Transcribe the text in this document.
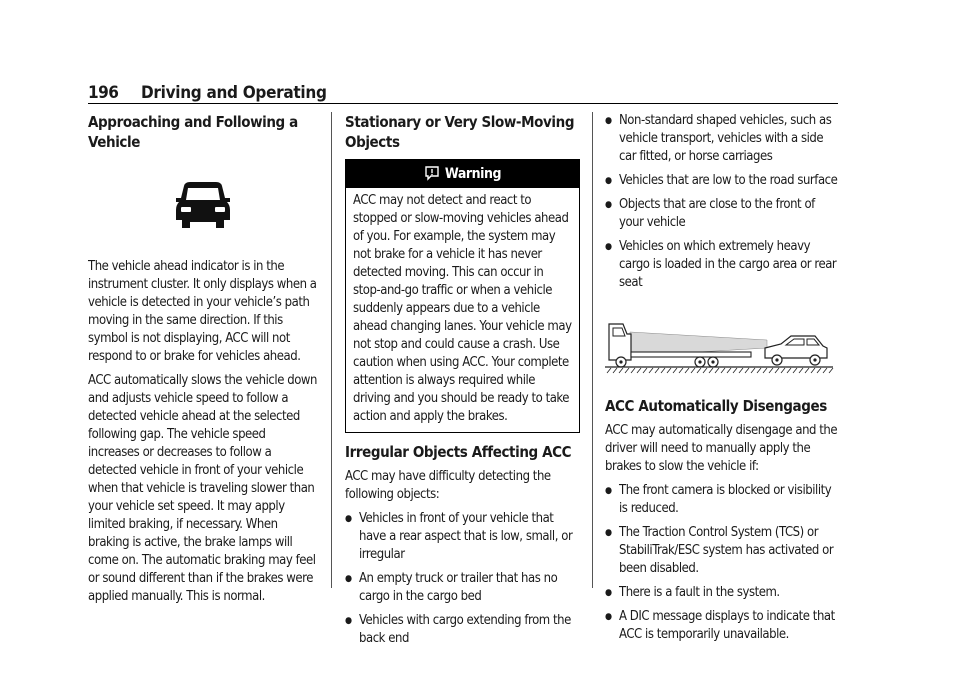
196 Driving and Operating
Approaching and Following a Vehicle

The vehicle ahead indicator is in the instrument cluster. It only displays when a vehicle is detected in your vehicle’s path moving in the same direction. If this symbol is not displaying, ACC will not respond to or brake for vehicles ahead.

ACC automatically slows the vehicle down and adjusts vehicle speed to follow a detected vehicle ahead at the selected following gap. The vehicle speed increases or decreases to follow a detected vehicle in front of your vehicle when that vehicle is traveling slower than your vehicle set speed. It may apply limited braking, if necessary. When braking is active, the brake lamps will come on. The automatic braking may feel or sound different than if the brakes were applied manually. This is normal.

Stationary or Very Slow-Moving Objects
Warning
ACC may not detect and react to stopped or slow-moving vehicles ahead of you. For example, the system may not brake for a vehicle it has never detected moving. This can occur in stop-and-go traffic or when a vehicle suddenly appears due to a vehicle ahead changing lanes. Your vehicle may not stop and could cause a crash. Use caution when using ACC. Your complete attention is always required while driving and you should be ready to take action and apply the brakes.
Irregular Objects Affecting ACC

ACC may have difficulty detecting the following objects:

● Vehicles in front of your vehicle that have a rear aspect that is low, small, or irregular
● An empty truck or trailer that has no cargo in the cargo bed
● Vehicles with cargo extending from the back end
● Non-standard shaped vehicles, such as vehicle transport, vehicles with a side car fitted, or horse carriages
● Vehicles that are low to the road surface
● Objects that are close to the front of your vehicle
● Vehicles on which extremely heavy cargo is loaded in the cargo area or rear seat
ACC Automatically Disengages

ACC may automatically disengage and the driver will need to manually apply the brakes to slow the vehicle if:

● The front camera is blocked or visibility is reduced.
● The Traction Control System (TCS) or StabiliTrak/ESC system has activated or been disabled.
● There is a fault in the system.
● A DIC message displays to indicate that ACC is temporarily unavailable.
